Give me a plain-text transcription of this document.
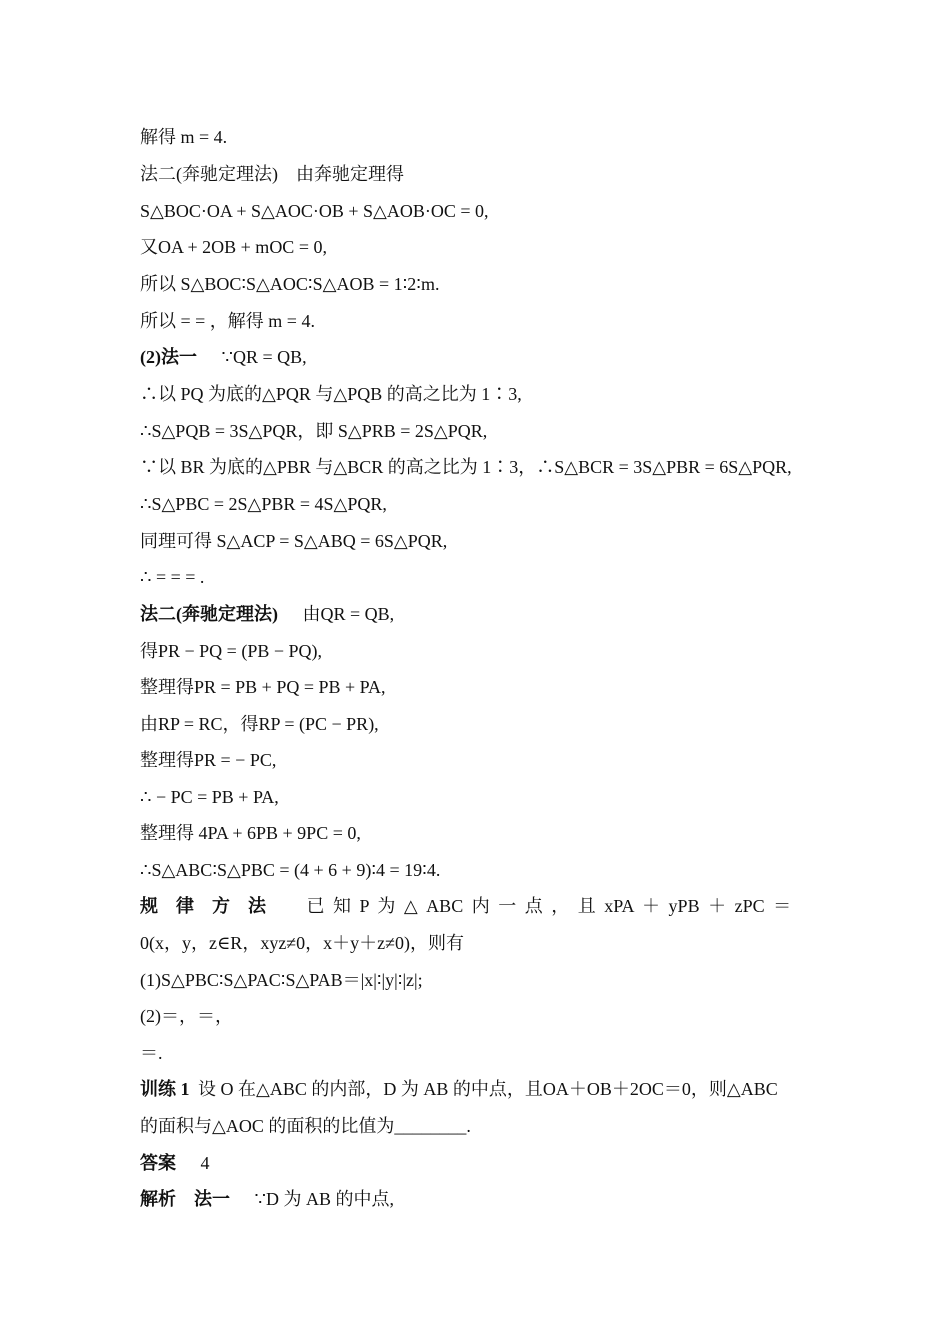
解得 m = 4.
法二(奔驰定理法)　由奔驰定理得
S△BOC·OA + S△AOC·OB + S△AOB·OC = 0,
又OA + 2OB + mOC = 0,
所以 S△BOC∶S△AOC∶S△AOB = 1∶2∶m.
所以 = = ，解得 m = 4.
(2)法一 ∵QR = QB,
∴以 PQ 为底的△PQR 与△PQB 的高之比为 1∶3,
∴S△PQB = 3S△PQR，即 S△PRB = 2S△PQR,
∵以 BR 为底的△PBR 与△BCR 的高之比为 1∶3，∴S△BCR = 3S△PBR = 6S△PQR,
∴S△PBC = 2S△PBR = 4S△PQR,
同理可得 S△ACP = S△ABQ = 6S△PQR,
∴ = = = .
法二(奔驰定理法) 由QR = QB,
得PR − PQ = (PB − PQ),
整理得PR = PB + PQ = PB + PA,
由RP = RC，得RP = (PC − PR),
整理得PR = − PC,
∴ − PC = PB + PA,
整理得 4PA + 6PB + 9PC = 0,
∴S△ABC∶S△PBC = (4 + 6 + 9)∶4 = 19∶4.
规　律　方　法 已 知 P 为 △ ABC 内 一 点 ， 且 xPA ＋ yPB ＋ zPC ＝
0(x，y，z∈R，xyz≠0，x＋y＋z≠0)，则有
(1)S△PBC∶S△PAC∶S△PAB＝|x|∶|y|∶|z|;
(2)＝，＝，
＝.
训练 1 设 O 在△ABC 的内部，D 为 AB 的中点，且OA＋OB＋2OC＝0，则△ABC
的面积与△AOC 的面积的比值为________.
答案 4
解析　法一 ∵D 为 AB 的中点,
